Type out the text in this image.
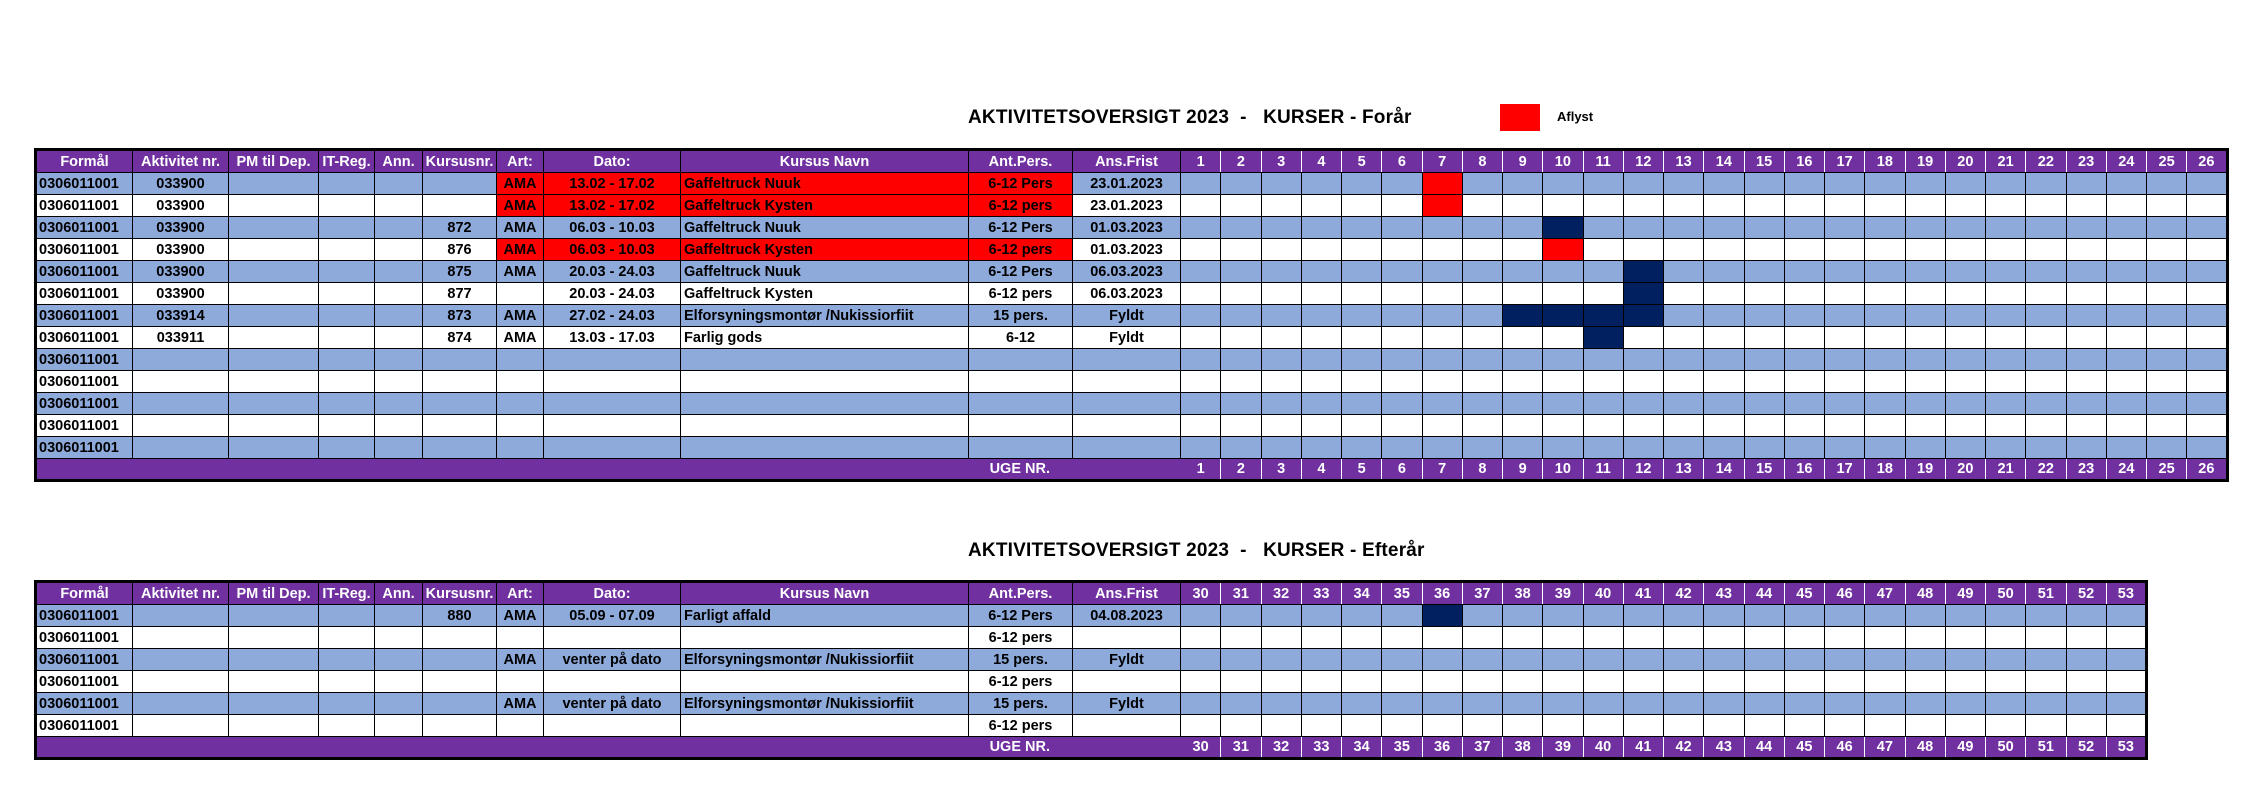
AKTIVITETSOVERSIGT 2023  -   KURSER - Forår	Aflyst
Formål	Aktivitet nr.	PM til Dep.	IT-Reg.	Ann.	Kursusnr.	Art:	Dato:	Kursus Navn	Ant.Pers.	Ans.Frist	1	2	3	4	5	6	7	8	9	10	11	12	13	14	15	16	17	18	19	20	21	22	23	24	25	26
0306011001	033900					AMA	13.02 - 17.02	Gaffeltruck Nuuk	6-12 Pers	23.01.2023																										
0306011001	033900					AMA	13.02 - 17.02	Gaffeltruck Kysten	6-12 pers	23.01.2023																										
0306011001	033900				872	AMA	06.03 - 10.03	Gaffeltruck Nuuk	6-12 Pers	01.03.2023																										
0306011001	033900				876	AMA	06.03 - 10.03	Gaffeltruck Kysten	6-12 pers	01.03.2023																										
0306011001	033900				875	AMA	20.03 - 24.03	Gaffeltruck Nuuk	6-12 Pers	06.03.2023																										
0306011001	033900				877		20.03 - 24.03	Gaffeltruck Kysten	6-12 pers	06.03.2023																										
0306011001	033914				873	AMA	27.02 - 24.03	Elforsyningsmontør /Nukissiorfiit	15 pers.	Fyldt																										
0306011001	033911				874	AMA	13.03 - 17.03	Farlig gods	6-12	Fyldt																										
0306011001																																				
0306011001																																				
0306011001																																				
0306011001																																				
0306011001																																				
UGE NR.											1	2	3	4	5	6	7	8	9	10	11	12	13	14	15	16	17	18	19	20	21	22	23	24	25	26
AKTIVITETSOVERSIGT 2023  -   KURSER - Efterår
Formål	Aktivitet nr.	PM til Dep.	IT-Reg.	Ann.	Kursusnr.	Art:	Dato:	Kursus Navn	Ant.Pers.	Ans.Frist	30	31	32	33	34	35	36	37	38	39	40	41	42	43	44	45	46	47	48	49	50	51	52	53
0306011001					880	AMA	05.09 - 07.09	Farligt affald	6-12 Pers	04.08.2023																								
0306011001									6-12 pers																									
0306011001						AMA	venter på dato	Elforsyningsmontør /Nukissiorfiit	15 pers.	Fyldt																								
0306011001									6-12 pers																									
0306011001						AMA	venter på dato	Elforsyningsmontør /Nukissiorfiit	15 pers.	Fyldt																								
0306011001									6-12 pers																									
UGE NR.											30	31	32	33	34	35	36	37	38	39	40	41	42	43	44	45	46	47	48	49	50	51	52	53
